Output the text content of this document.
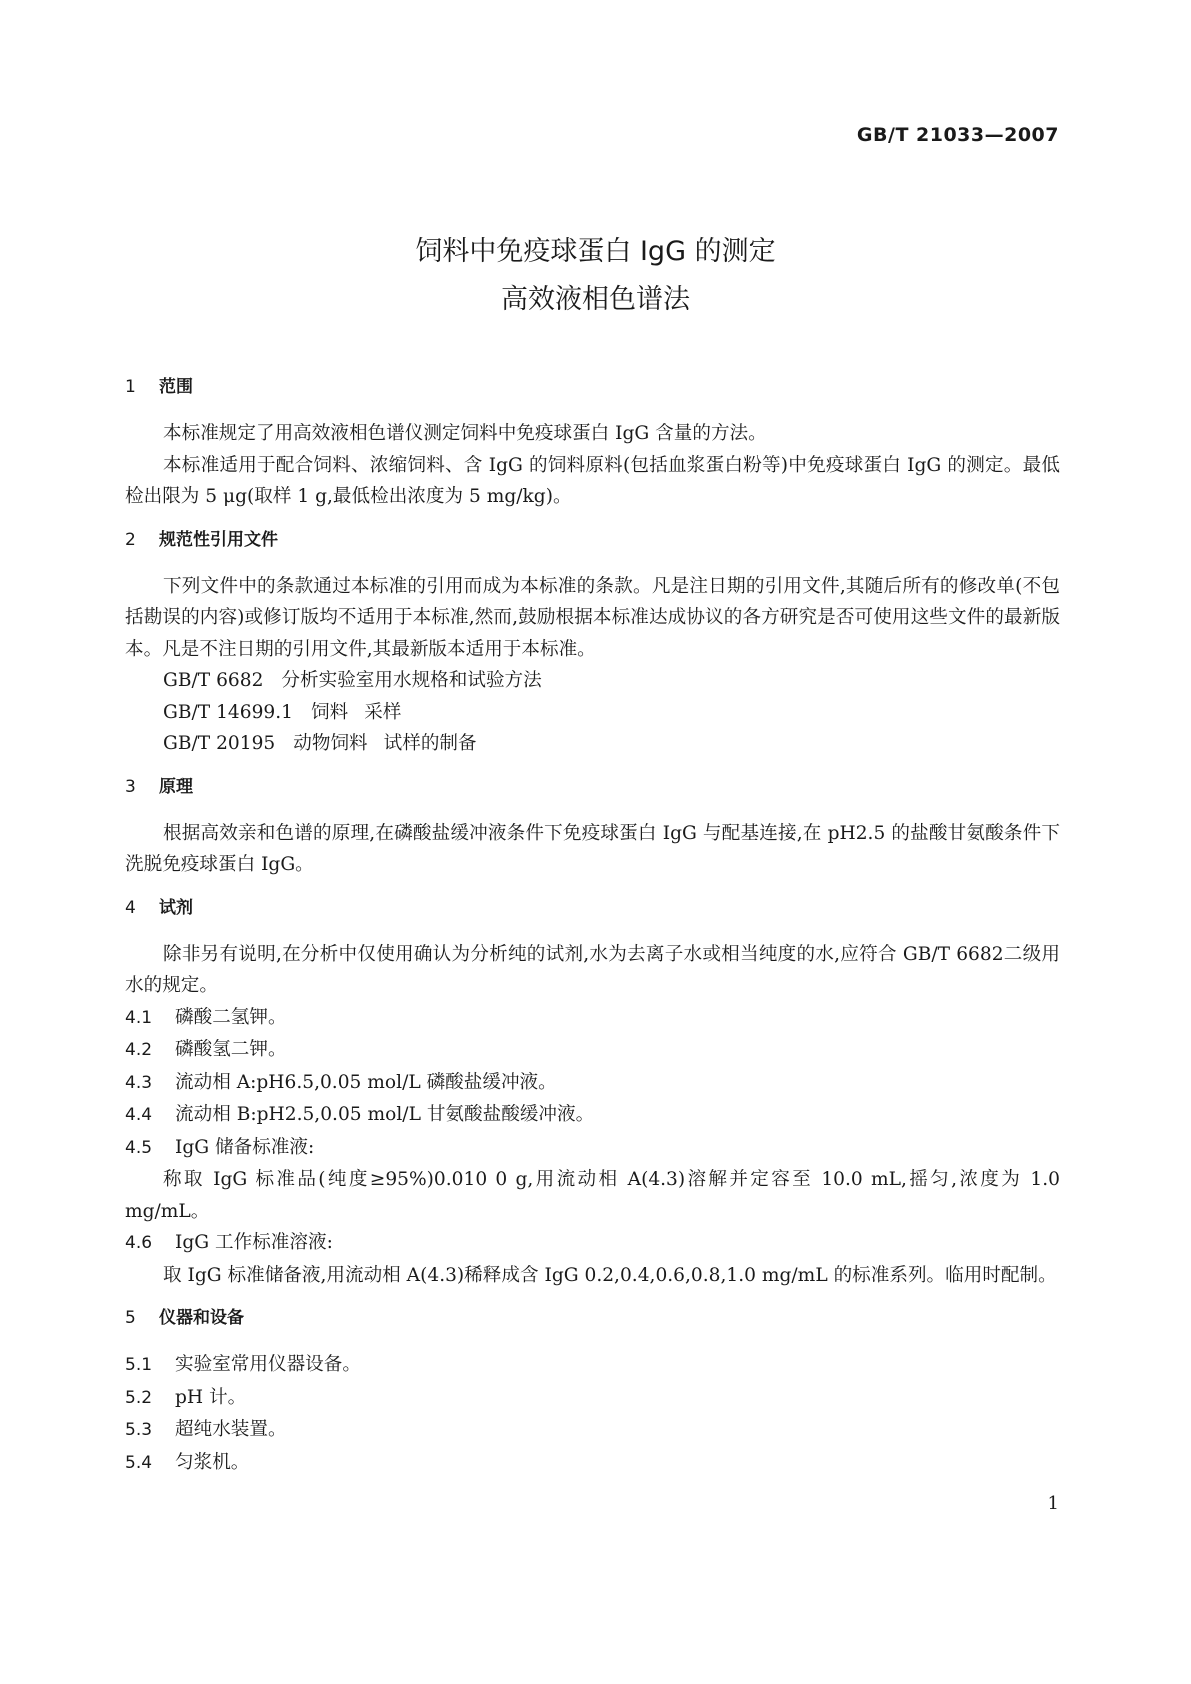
GB/T 21033—2007
饲料中免疫球蛋白 IgG 的测定
高效液相色谱法
1 范围

本标准规定了用高效液相色谱仪测定饲料中免疫球蛋白 IgG 含量的方法。

本标准适用于配合饲料、浓缩饲料、含 IgG 的饲料原料(包括血浆蛋白粉等)中免疫球蛋白 IgG 的测定。最低检出限为 5 μg(取样 1 g,最低检出浓度为 5 mg/kg)。

2 规范性引用文件

下列文件中的条款通过本标准的引用而成为本标准的条款。凡是注日期的引用文件,其随后所有的修改单(不包括勘误的内容)或修订版均不适用于本标准,然而,鼓励根据本标准达成协议的各方研究是否可使用这些文件的最新版本。凡是不注日期的引用文件,其最新版本适用于本标准。

GB/T 6682 分析实验室用水规格和试验方法

GB/T 14699.1 饲料 采样

GB/T 20195 动物饲料 试样的制备

3 原理

根据高效亲和色谱的原理,在磷酸盐缓冲液条件下免疫球蛋白 IgG 与配基连接,在 pH2.5 的盐酸甘氨酸条件下洗脱免疫球蛋白 IgG。

4 试剂

除非另有说明,在分析中仅使用确认为分析纯的试剂,水为去离子水或相当纯度的水,应符合 GB/T 6682二级用水的规定。

4.1 磷酸二氢钾。

4.2 磷酸氢二钾。

4.3 流动相 A:pH6.5,0.05 mol/L 磷酸盐缓冲液。

4.4 流动相 B:pH2.5,0.05 mol/L 甘氨酸盐酸缓冲液。

4.5 IgG 储备标准液:

称取 IgG 标准品(纯度≥95%)0.010 0 g,用流动相 A(4.3)溶解并定容至 10.0 mL,摇匀,浓度为 1.0 mg/mL。

4.6 IgG 工作标准溶液:

取 IgG 标准储备液,用流动相 A(4.3)稀释成含 IgG 0.2,0.4,0.6,0.8,1.0 mg/mL 的标准系列。临用时配制。

5 仪器和设备

5.1 实验室常用仪器设备。

5.2 pH 计。

5.3 超纯水装置。

5.4 匀浆机。

1
